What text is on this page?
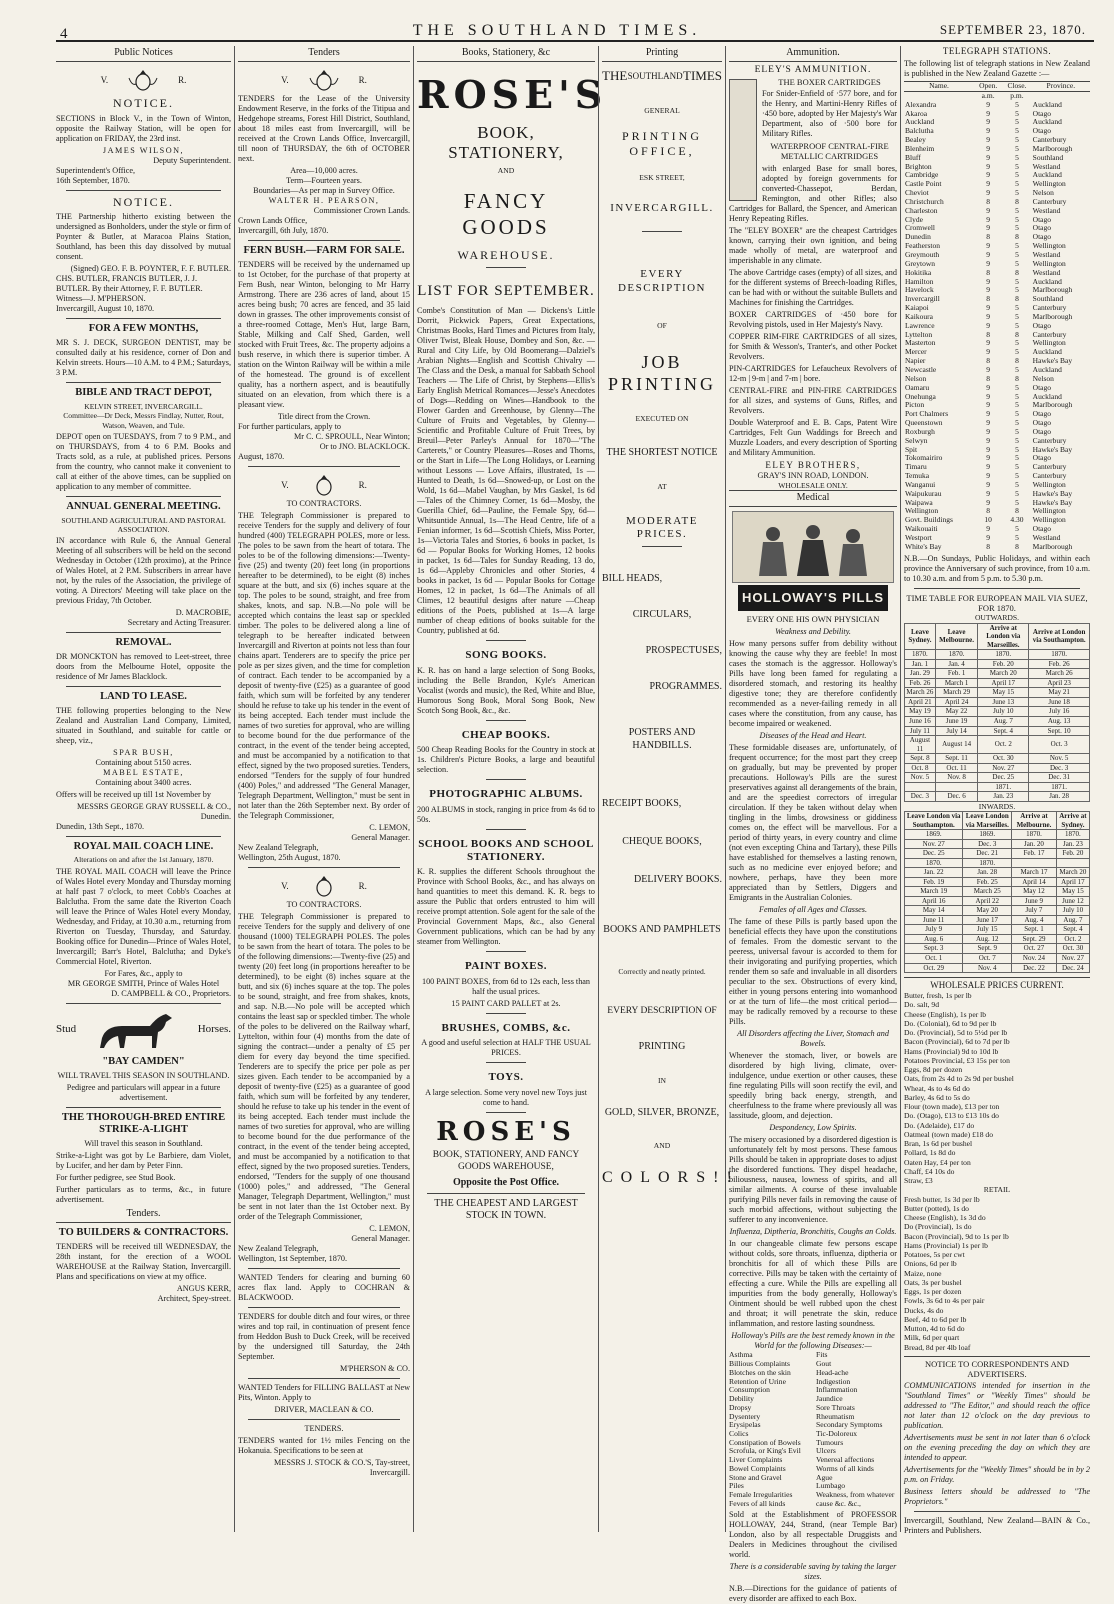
4	THE SOUTHLAND TIMES.	SEPTEMBER 23, 1870.
Public Notices
V.	R.
NOTICE.

SECTIONS in Block V., in the Town of Winton, opposite the Railway Station, will be open for application on FRIDAY, the 23rd inst.

JAMES WILSON,
Deputy Superintendent.
Superintendent's Office,
16th September, 1870.
NOTICE.

THE Partnership hitherto existing between the undersigned as Bonholders, under the style or firm of Poynter & Butler, at Maracoa Plains Station, Southland, has been this day dissolved by mutual consent.

(Signed) GEO. F. B. POYNTER, F. F. BUTLER.
CHS. BUTLER, FRANCIS BUTLER, J. J. BUTLER. By their Attorney, F. F. BUTLER.
Witness—J. M'PHERSON.
Invercargill, August 10, 1870.
FOR A FEW MONTHS,

MR S. J. DECK, SURGEON DENTIST, may be consulted daily at his residence, corner of Don and Kelvin streets. Hours—10 A.M. to 4 P.M.; Saturdays, 3 P.M.

BIBLE AND TRACT DEPOT,
KELVIN STREET, INVERCARGILL.
Committee—Dr Deck, Messrs Findlay, Nutter, Rout, Watson, Weaven, and Tule.

DEPOT open on TUESDAYS, from 7 to 9 P.M., and on THURSDAYS, from 4 to 6 P.M. Books and Tracts sold, as a rule, at published prices. Persons from the country, who cannot make it convenient to call at either of the above times, can be supplied on application to any member of committee.

ANNUAL GENERAL MEETING.
SOUTHLAND AGRICULTURAL AND PASTORAL ASSOCIATION.

IN accordance with Rule 6, the Annual General Meeting of all subscribers will be held on the second Wednesday in October (12th proximo), at the Prince of Wales Hotel, at 2 P.M. Subscribers in arrear have not, by the rules of the Association, the privilege of voting. A Directors' Meeting will take place on the previous Friday, 7th October.

D. MACROBIE,
Secretary and Acting Treasurer.
REMOVAL.

DR MONCKTON has removed to Leet-street, three doors from the Melbourne Hotel, opposite the residence of Mr James Blacklock.

LAND TO LEASE.

THE following properties belonging to the New Zealand and Australian Land Company, Limited, situated in Southland, and suitable for cattle or sheep, viz.,

SPAR BUSH,
Containing about 5150 acres.
MABEL ESTATE,
Containing about 3400 acres.

Offers will be received up till 1st November by

MESSRS GEORGE GRAY RUSSELL & CO., Dunedin.
Dunedin, 13th Sept., 1870.
ROYAL MAIL COACH LINE.
Alterations on and after the 1st January, 1870.

THE ROYAL MAIL COACH will leave the Prince of Wales Hotel every Monday and Thursday morning at half past 7 o'clock, to meet Cobb's Coaches at Balclutha. From the same date the Riverton Coach will leave the Prince of Wales Hotel every Monday, Wednesday, and Friday, at 10.30 a.m., returning from Riverton on Tuesday, Thursday, and Saturday. Booking office for Dunedin—Prince of Wales Hotel, Invercargill; Barr's Hotel, Balclutha; and Dyke's Commercial Hotel, Riverton.

For Fares, &c., apply to
MR GEORGE SMITH, Prince of Wales Hotel
D. CAMPBELL & CO., Proprietors.
Stud	Horses.
"BAY CAMDEN"

WILL TRAVEL THIS SEASON IN SOUTHLAND.

Pedigree and particulars will appear in a future advertisement.

THE THOROUGH-BRED ENTIRE STRIKE-A-LIGHT

Will travel this season in Southland.

Strike-a-Light was got by Le Barbiere, dam Violet, by Lucifer, and her dam by Peter Finn.

For further pedigree, see Stud Book.

Further particulars as to terms, &c., in future advertisement.

Tenders.
TO BUILDERS & CONTRACTORS.

TENDERS will be received till WEDNESDAY, the 28th instant, for the erection of a WOOL WAREHOUSE at the Railway Station, Invercargill. Plans and specifications on view at my office.

ANGUS KERR,
Architect, Spey-street.
Tenders
V.	R.

TENDERS for the Lease of the University Endowment Reserve, in the forks of the Titipua and Hedgehope streams, Forest Hill District, Southland, about 18 miles east from Invercargill, will be received at the Crown Lands Office, Invercargill, till noon of THURSDAY, the 6th of OCTOBER next.

Area—10,000 acres.
Term—Fourteen years.
Boundaries—As per map in Survey Office.
WALTER H. PEARSON,
Commissioner Crown Lands.
Crown Lands Office,
Invercargill, 6th July, 1870.
FERN BUSH.—FARM FOR SALE.

TENDERS will be received by the undernamed up to 1st October, for the purchase of that property at Fern Bush, near Winton, belonging to Mr Harry Armstrong. There are 236 acres of land, about 15 acres being bush; 70 acres are fenced, and 35 laid down in grasses. The other improvements consist of a three-roomed Cottage, Men's Hut, large Barn, Stable, Milking and Calf Shed, Garden, well stocked with Fruit Trees, &c. The property adjoins a bush reserve, in which there is superior timber. A station on the Winton Railway will be within a mile of the homestead. The ground is of excellent quality, has a northern aspect, and is beautifully situated on an elevation, from which there is a pleasant view.

Title direct from the Crown.
For further particulars, apply to
Mr C. C. SPROULL, Near Winton;
Or to JNO. BLACKLOCK.
August, 1870.
V.	R.
TO CONTRACTORS.

THE Telegraph Commissioner is prepared to receive Tenders for the supply and delivery of four hundred (400) TELEGRAPH POLES, more or less. The poles to be sawn from the heart of totara. The poles to be of the following dimensions:—Twenty-five (25) and twenty (20) feet long (in proportions hereafter to be determined), to be eight (8) inches square at the butt, and six (6) inches square at the top. The poles to be sound, straight, and free from shakes, knots, and sap. N.B.—No pole will be accepted which contains the least sap or speckled timber. The poles to be delivered along a line of telegraph to be hereafter indicated between Invercargill and Riverton at points not less than four chains apart. Tenderers are to specify the price per pole as per sizes given, and the time for completion of contract. Each tender to be accompanied by a deposit of twenty-five (£25) as a guarantee of good faith, which sum will be forfeited by any tenderer should he refuse to take up his tender in the event of its being accepted. Each tender must include the names of two sureties for approval, who are willing to become bound for the due performance of the contract, in the event of the tender being accepted, and must be accompanied by a notification to that effect, signed by the two proposed sureties. Tenders, endorsed "Tenders for the supply of four hundred (400) Poles," and addressed "The General Manager, Telegraph Department, Wellington," must be sent in not later than the 26th September next. By order of the Telegraph Commissioner,

C. LEMON,
General Manager.
New Zealand Telegraph,
Wellington, 25th August, 1870.
V.	R.
TO CONTRACTORS.

THE Telegraph Commissioner is prepared to receive Tenders for the supply and delivery of one thousand (1000) TELEGRAPH POLES. The poles to be sawn from the heart of totara. The poles to be of the following dimensions:—Twenty-five (25) and twenty (20) feet long (in proportions hereafter to be determined), to be eight (8) inches square at the butt, and six (6) inches square at the top. The poles to be sound, straight, and free from shakes, knots, and sap. N.B.—No pole will be accepted which contains the least sap or speckled timber. The whole of the poles to be delivered on the Railway wharf, Lyttelton, within four (4) months from the date of signing the contract—under a penalty of £5 per diem for every day beyond the time specified. Tenderers are to specify the price per pole as per sizes given. Each tender to be accompanied by a deposit of twenty-five (£25) as a guarantee of good faith, which sum will be forfeited by any tenderer, should he refuse to take up his tender in the event of its being accepted. Each tender must include the names of two sureties for approval, who are willing to become bound for the due performance of the contract, in the event of the tender being accepted, and must be accompanied by a notification to that effect, signed by the two proposed sureties. Tenders, endorsed, "Tenders for the supply of one thousand (1000) poles," and addressed, "The General Manager, Telegraph Department, Wellington," must be sent in not later than the 1st October next. By order of the Telegraph Commissioner,

C. LEMON,
General Manager.
New Zealand Telegraph,
Wellington, 1st September, 1870.

WANTED Tenders for clearing and burning 60 acres flax land. Apply to COCHRAN & BLACKWOOD.

TENDERS for double ditch and four wires, or three wires and top rail, in continuation of present fence from Heddon Bush to Duck Creek, will be received by the undersigned till Saturday, the 24th September.

M'PHERSON & CO.

WANTED Tenders for FILLING BALLAST at New Pits, Winton. Apply to

DRIVER, MACLEAN & CO.
TENDERS.

TENDERS wanted for 1½ miles Fencing on the Hokanuia. Specifications to be seen at

MESSRS J. STOCK & CO.'S, Tay-street, Invercargill.
Books, Stationery, &c
ROSE'S
BOOK, STATIONERY,
AND
FANCY GOODS
WAREHOUSE.
LIST FOR SEPTEMBER.

Combe's Constitution of Man — Dickens's Little Dorrit, Pickwick Papers, Great Expectations, Christmas Books, Hard Times and Pictures from Italy, Oliver Twist, Bleak House, Dombey and Son, &c. — Rural and City Life, by Old Boomerang—Dalziel's Arabian Nights—English and Scottish Chivalry —The Class and the Desk, a manual for Sabbath School Teachers — The Life of Christ, by Stephens—Ellis's Early English Metrical Romances—Jesse's Anecdotes of Dogs—Redding on Wines—Handbook to the Flower Garden and Greenhouse, by Glenny—The Culture of Fruits and Vegetables, by Glenny—Scientific and Profitable Culture of Fruit Trees, by Breuil—Peter Parley's Annual for 1870—"The Carterets," or Country Pleasures—Roses and Thorns, or the Start in Life—The Long Holidays, or Learning without Lessons — Love Affairs, illustrated, 1s — Hunted to Death, 1s 6d—Snowed-up, or Lost on the Wold, 1s 6d—Mabel Vaughan, by Mrs Gaskel, 1s 6d—Tales of the Chimney Corner, 1s 6d—Mosby, the Guerilla Chief, 6d—Pauline, the Female Spy, 6d—Whitsuntide Annual, 1s—The Head Centre, life of a Fenian informer, 1s 6d—Scottish Chiefs, Miss Porter, 1s—Victoria Tales and Stories, 6 books in packet, 1s 6d — Popular Books for Working Homes, 12 books in packet, 1s 6d—Tales for Sunday Reading, 13 do, 1s 6d—Appleby Chronicles and other Stories, 4 books in packet, 1s 6d — Popular Books for Cottage Homes, 12 in packet, 1s 6d—The Animals of all Climes, 12 beautiful designs after nature —Cheap editions of the Poets, published at 1s—A large number of cheap editions of books suitable for the Country, published at 6d.

SONG BOOKS.

K. R. has on hand a large selection of Song Books, including the Belle Brandon, Kyle's American Vocalist (words and music), the Red, White and Blue, Humorous Song Book, Moral Song Book, New Scotch Song Book, &c., &c.

CHEAP BOOKS.

500 Cheap Reading Books for the Country in stock at 1s. Children's Picture Books, a large and beautiful selection.

PHOTOGRAPHIC ALBUMS.

200 ALBUMS in stock, ranging in price from 4s 6d to 50s.

SCHOOL BOOKS AND SCHOOL STATIONERY.

K. R. supplies the different Schools throughout the Province with School Books, &c., and has always on hand quantities to meet this demand. K. R. begs to assure the Public that orders entrusted to him will receive prompt attention. Sole agent for the sale of the Provincial Government Maps, &c., also General Government publications, which can be had by any steamer from Wellington.

PAINT BOXES.

100 PAINT BOXES, from 6d to 12s each, less than half the usual prices.

15 PAINT CARD PALLET at 2s.

BRUSHES, COMBS, &c.

A good and useful selection at HALF THE USUAL PRICES.

TOYS.

A large selection. Some very novel new Toys just come to hand.

ROSE'S
BOOK, STATIONERY, AND FANCY
GOODS WAREHOUSE,
Opposite the Post Office.
THE CHEAPEST AND LARGEST
STOCK IN TOWN.
Printing
THE SOUTHLAND TIMES
GENERAL
PRINTING OFFICE,
ESK STREET,
INVERCARGILL.
EVERY DESCRIPTION
OF
JOB PRINTING
EXECUTED ON
THE SHORTEST NOTICE
AT
MODERATE PRICES.
BILL HEADS,
CIRCULARS,
PROSPECTUSES,
PROGRAMMES.
POSTERS AND HANDBILLS.
RECEIPT BOOKS,
CHEQUE BOOKS,
DELIVERY BOOKS.
BOOKS AND PAMPHLETS
Correctly and neatly printed.
EVERY DESCRIPTION OF
PRINTING
IN
GOLD, SILVER, BRONZE,
AND
COLORS!!
Ammunition.
ELEY'S AMMUNITION.
THE BOXER CARTRIDGES

For Snider-Enfield of ·577 bore, and for the Henry, and Martini-Henry Rifles of ·450 bore, adopted by Her Majesty's War Department, also of ·500 bore for Military Rifles.

WATERPROOF CENTRAL-FIRE METALLIC CARTRIDGES

with enlarged Base for small bores, adopted by foreign governments for converted-Chassepot, Berdan, Remington, and other Rifles; also Cartridges for Ballard, the Spencer, and American Henry Repeating Rifles.

The "ELEY BOXER" are the cheapest Cartridges known, carrying their own ignition, and being made wholly of metal, are waterproof and imperishable in any climate.

The above Cartridge cases (empty) of all sizes, and for the different systems of Breech-loading Rifles, can be had with or without the suitable Bullets and Machines for finishing the Cartridges.

BOXER CARTRIDGES of ·450 bore for Revolving pistols, used in Her Majesty's Navy.

COPPER RIM-FIRE CARTRIDGES of all sizes, for Smith & Wesson's, Tranter's, and other Pocket Revolvers.

PIN-CARTRIDGES for Lefaucheux Revolvers of 12-m | 9-m | and 7-m | bore.

CENTRAL-FIRE and PIN-FIRE CARTRIDGES for all sizes, and systems of Guns, Rifles, and Revolvers.

Double Waterproof and E. B. Caps, Patent Wire Cartridges, Felt Gun Waddings for Breech and Muzzle Loaders, and every description of Sporting and Military Ammunition.

ELEY BROTHERS,
GRAY'S INN ROAD, LONDON.
WHOLESALE ONLY.
Medical
HOLLOWAY'S PILLS
EVERY ONE HIS OWN PHYSICIAN
Weakness and Debility.

How many persons suffer from debility without knowing the cause why they are feeble! In most cases the stomach is the aggressor. Holloway's Pills have long been famed for regulating a disordered stomach, and restoring its healthy digestive tone; they are therefore confidently recommended as a never-failing remedy in all cases where the constitution, from any cause, has become impaired or weakened.

Diseases of the Head and Heart.

These formidable diseases are, unfortunately, of frequent occurrence; for the most part they creep on gradually, but may be prevented by proper precautions. Holloway's Pills are the surest preservatives against all derangements of the brain, and are the speediest correctors of irregular circulation. If they be taken without delay when tingling in the limbs, drowsiness or giddiness comes on, the effect will be marvellous. For a period of thirty years, in every country and clime (not even excepting China and Tartary), these Pills have established for themselves a lasting renown, such as no medicine ever enjoyed before; and nowhere, perhaps, have they been more appreciated than by Settlers, Diggers and Emigrants in the Australian Colonies.

Females of all Ages and Classes.

The fame of these Pills is partly based upon the beneficial effects they have upon the constitutions of females. From the domestic servant to the peeress, universal favour is accorded to them for their invigorating and purifying properties, which render them so safe and invaluable in all disorders peculiar to the sex. Obstructions of every kind, either in young persons entering into womanhood or at the turn of life—the most critical period—may be radically removed by a recourse to these Pills.

All Disorders affecting the Liver, Stomach and Bowels.

Whenever the stomach, liver, or bowels are disordered by high living, climate, over-indulgence, undue exertion or other causes, these fine regulating Pills will soon rectify the evil, and speedily bring back energy, strength, and cheerfulness to the frame where previously all was lassitude, gloom, and dejection.

Despondency, Low Spirits.

The misery occasioned by a disordered digestion is unfortunately felt by most persons. These famous Pills should be taken in appropriate doses to adjust the disordered functions. They dispel headache, biliousness, nausea, lowness of spirits, and all similar ailments. A course of these invaluable purifying Pills never fails in removing the cause of such morbid affections, without subjecting the sufferer to any inconvenience.

Influenza, Diptheria, Bronchitis, Coughs an Colds.

In our changeable climate few persons escape without colds, sore throats, influenza, diptheria or bronchitis for all of which these Pills are corrective. Pills may be taken with the certainty of effecting a cure. While the Pills are expelling all impurities from the body generally, Holloway's Ointment should be well rubbed upon the chest and throat; it will penetrate the skin, reduce inflammation, and restore lasting soundness.

Holloway's Pills are the best remedy known in the World for the following Diseases:—
Asthma
Billious Complaints
Blotches on the skin
Retention of Urine
Consumption
Debility
Dropsy
Dysentery
Erysipelas
Colics
Constipation of Bowels
Scrofula, or King's Evil
Liver Complaints
Bowel Complaints
Stone and Gravel
Piles
Female Irregularities
Fevers of all kinds
Fits
Gout
Head-ache
Indigestion
Inflammation
Jaundice
Sore Throats
Rheumatism
Secondary Symptoms
Tic-Doloreux
Tumours
Ulcers
Venereal affections
Worms of all kinds
Ague
Lumbago
Weakness, from whatever cause &c. &c.,

Sold at the Establishment of PROFESSOR HOLLOWAY, 244, Strand, (near Temple Bar) London, also by all respectable Druggists and Dealers in Medicines throughout the civilised world.

There is a considerable saving by taking the larger sizes.

N.B.—Directions for the guidance of patients of every disorder are affixed to each Box.

TELEGRAPH STATIONS.

The following list of telegraph stations in New Zealand is published in the New Zealand Gazette :—

Name.	Open.	Close.	Province.
	a.m.	p.m.	
Alexandra	9	5	Auckland
Akaroa	9	5	Otago
Auckland	9	5	Auckland
Balclutha	9	5	Otago
Bealey	9	5	Canterbury
Blenheim	9	5	Marlborough
Bluff	9	5	Southland
Brighton	9	5	Westland
Cambridge	9	5	Auckland
Castle Point	9	5	Wellington
Cheviot	9	5	Nelson
Christchurch	8	8	Canterbury
Charleston	9	5	Westland
Clyde	9	5	Otago
Cromwell	9	5	Otago
Dunedin	8	8	Otago
Featherston	9	5	Wellington
Greymouth	9	5	Westland
Greytown	9	5	Wellington
Hokitika	8	8	Westland
Hamilton	9	5	Auckland
Havelock	9	5	Marlborough
Invercargill	8	8	Southland
Kaiapoi	9	5	Canterbury
Kaikoura	9	5	Marlborough
Lawrence	9	5	Otago
Lyttelton	8	8	Canterbury
Masterton	9	5	Wellington
Mercer	9	5	Auckland
Napier	8	8	Hawke's Bay
Newcastle	9	5	Auckland
Nelson	8	8	Nelson
Oamaru	9	5	Otago
Onehunga	9	5	Auckland
Picton	9	5	Marlborough
Port Chalmers	9	5	Otago
Queenstown	9	5	Otago
Roxburgh	9	5	Otago
Selwyn	9	5	Canterbury
Spit	9	5	Hawke's Bay
Tokomairiro	9	5	Otago
Timaru	9	5	Canterbury
Temuka	9	5	Canterbury
Wanganui	9	5	Wellington
Waipukurau	9	5	Hawke's Bay
Waipawa	9	5	Hawke's Bay
Wellington	8	8	Wellington
Govt. Buildings	10	4.30	Wellington
Waikouaiti	9	5	Otago
Westport	9	5	Westland
White's Bay	8	8	Marlborough

N.B.—On Sundays, Public Holidays, and within each province the Anniversary of such province, from 10 a.m. to 10.30 a.m. and from 5 p.m. to 5.30 p.m.

TIME TABLE FOR EUROPEAN MAIL VIA SUEZ, FOR 1870.
OUTWARDS.
Leave Sydney.	Leave Melbourne.	Arrive at London via Marseilles.	Arrive at London via Southampton.
1870.	1870.	1870.	1870.
Jan. 1	Jan. 4	Feb. 20	Feb. 26
Jan. 29	Feb. 1	March 20	March 26
Feb. 26	March 1	April 17	April 23
March 26	March 29	May 15	May 21
April 21	April 24	June 13	June 18
May 19	May 22	July 10	July 16
June 16	June 19	Aug. 7	Aug. 13
July 11	July 14	Sept. 4	Sept. 10
August 11	August 14	Oct. 2	Oct. 3
Sept. 8	Sept. 11	Oct. 30	Nov. 5
Oct. 8	Oct. 11	Nov. 27	Dec. 3
Nov. 5	Nov. 8	Dec. 25	Dec. 31
		1871.	1871.
Dec. 3	Dec. 6	Jan. 23	Jan. 28
INWARDS.
Leave London via Southampton.	Leave London via Marseilles.	Arrive at Melbourne.	Arrive at Sydney.
1869.	1869.	1870.	1870.
Nov. 27	Dec. 3	Jan. 20	Jan. 23
Dec. 25	Dec. 21	Feb. 17	Feb. 20
1870.	1870.		
Jan. 22	Jan. 28	March 17	March 20
Feb. 19	Feb. 25	April 14	April 17
March 19	March 25	May 12	May 15
April 16	April 22	June 9	June 12
May 14	May 20	July 7	July 10
June 11	June 17	Aug. 4	Aug. 7
July 9	July 15	Sept. 1	Sept. 4
Aug. 6	Aug. 12	Sept. 29	Oct. 2
Sept. 3	Sept. 9	Oct. 27	Oct. 30
Oct. 1	Oct. 7	Nov. 24	Nov. 27
Oct. 29	Nov. 4	Dec. 22	Dec. 24
WHOLESALE PRICES CURRENT.
Butter, fresh, 1s per lb
Do. salt, 9d
Cheese (English), 1s per lb
Do. (Colonial), 6d to 9d per lb
Do. (Provincial), 5d to 5½d per lb
Bacon (Provincial), 6d to 7d per lb
Hams (Provincial) 9d to 10d lb
Potatoes Provincial, £3 15s per ton
Eggs, 8d per dozen
Oats, from 2s 4d to 2s 9d per bushel
Wheat, 4s to 4s 6d do
Barley, 4s 6d to 5s do
Flour (town made), £13 per ton
Do. (Otago), £13 to £13 10s do
Do. (Adelaide), £17 do
Oatmeal (town made) £18 do
Bran, 1s 6d per bushel
Pollard, 1s 8d do
Oaten Hay, £4 per ton
Chaff, £4 10s do
Straw, £3
RETAIL
Fresh butter, 1s 3d per lb
Butter (potted), 1s do
Cheese (English), 1s 3d do
Do (Provincial), 1s do
Bacon (Provincial), 9d to 1s per lb
Hams (Provincial) 1s per lb
Potatoes, 5s per cwt
Onions, 6d per lb
Maize, none
Oats, 3s per bushel
Eggs, 1s per dozen
Fowls, 3s 6d to 4s per pair
Ducks, 4s do
Beef, 4d to 6d per lb
Mutton, 4d to 6d do
Milk, 6d per quart
Bread, 8d per 4lb loaf
NOTICE TO CORRESPONDENTS AND ADVERTISERS.

COMMUNICATIONS intended for insertion in the "Southland Times" or "Weekly Times" should be addressed to "The Editor," and should reach the office not later than 12 o'clock on the day previous to publication.

Advertisements must be sent in not later than 6 o'clock on the evening preceding the day on which they are intended to appear.

Advertisements for the "Weekly Times" should be in by 2 p.m. on Friday.

Business letters should be addressed to "The Proprietors."

Invercargill, Southland, New Zealand—BAIN & Co., Printers and Publishers.
